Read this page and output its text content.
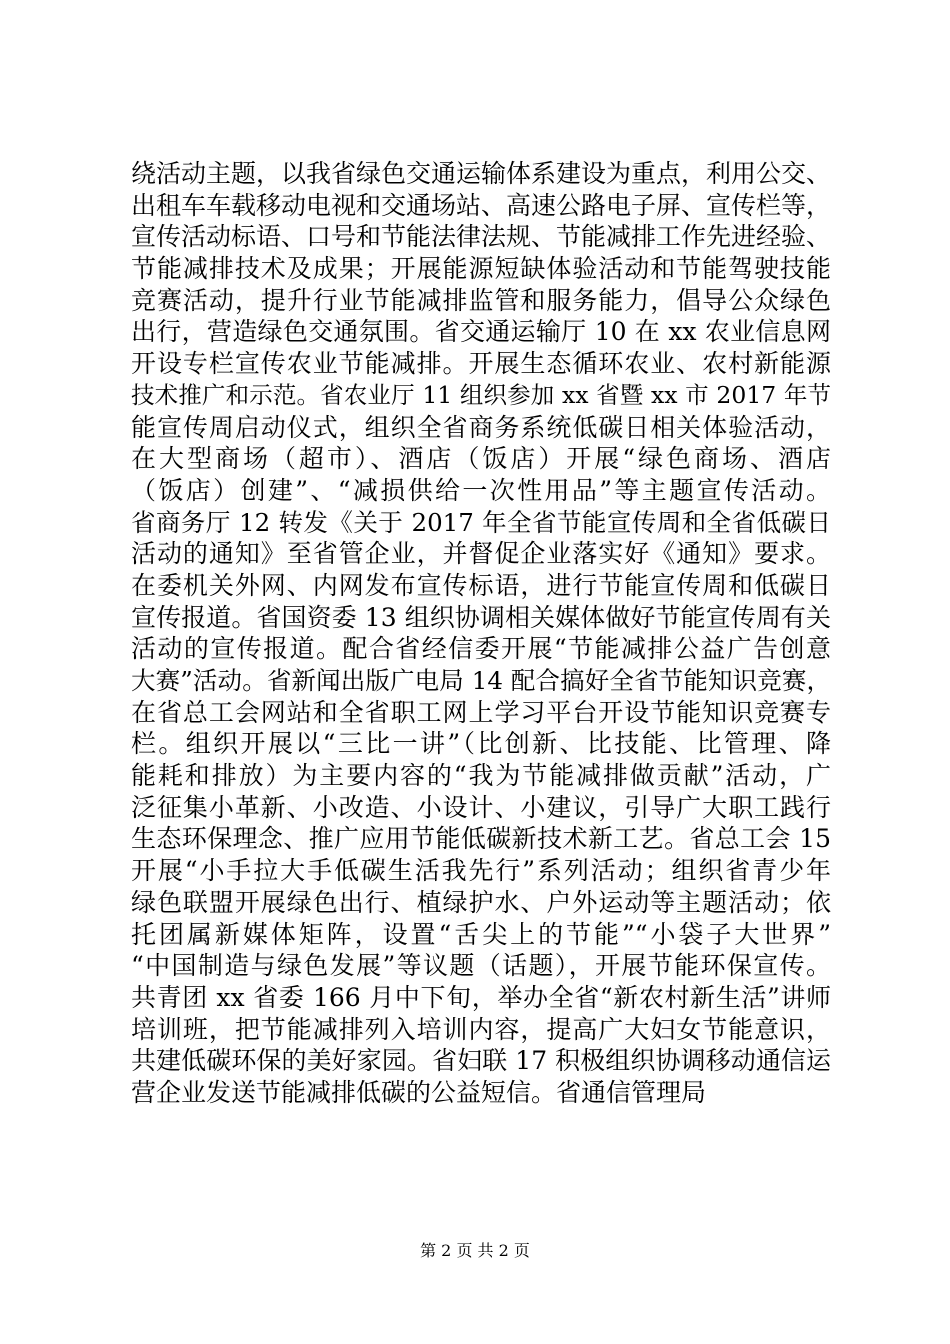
绕活动主题，以我省绿色交通运输体系建设为重点，利用公交、
出租车车载移动电视和交通场站、高速公路电子屏、宣传栏等，
宣传活动标语、口号和节能法律法规、节能减排工作先进经验、
节能减排技术及成果；开展能源短缺体验活动和节能驾驶技能
竞赛活动，提升行业节能减排监管和服务能力，倡导公众绿色
出行，营造绿色交通氛围。省交通运输厅 10 在 xx 农业信息网
开设专栏宣传农业节能减排。开展生态循环农业、农村新能源
技术推广和示范。省农业厅 11 组织参加 xx 省暨 xx 市 2017 年节
能宣传周启动仪式，组织全省商务系统低碳日相关体验活动，
在大型商场（超市）、酒店（饭店）开展“绿色商场、酒店
（饭店）创建”、“减损供给一次性用品”等主题宣传活动。
省商务厅 12 转发《关于 2017 年全省节能宣传周和全省低碳日
活动的通知》至省管企业，并督促企业落实好《通知》要求。
在委机关外网、内网发布宣传标语，进行节能宣传周和低碳日
宣传报道。省国资委 13 组织协调相关媒体做好节能宣传周有关
活动的宣传报道。配合省经信委开展“节能减排公益广告创意
大赛”活动。省新闻出版广电局 14 配合搞好全省节能知识竞赛，
在省总工会网站和全省职工网上学习平台开设节能知识竞赛专
栏。组织开展以“三比一讲”（比创新、比技能、比管理、降
能耗和排放）为主要内容的“我为节能减排做贡献”活动，广
泛征集小革新、小改造、小设计、小建议，引导广大职工践行
生态环保理念、推广应用节能低碳新技术新工艺。省总工会 15
开展“小手拉大手低碳生活我先行”系列活动；组织省青少年
绿色联盟开展绿色出行、植绿护水、户外运动等主题活动；依
托团属新媒体矩阵，设置“舌尖上的节能”“小袋子大世界”
“中国制造与绿色发展”等议题（话题），开展节能环保宣传。
共青团 xx 省委 166 月中下旬，举办全省“新农村新生活”讲师
培训班，把节能减排列入培训内容，提高广大妇女节能意识，
共建低碳环保的美好家园。省妇联 17 积极组织协调移动通信运
营企业发送节能减排低碳的公益短信。省通信管理局
第 2 页 共 2 页
